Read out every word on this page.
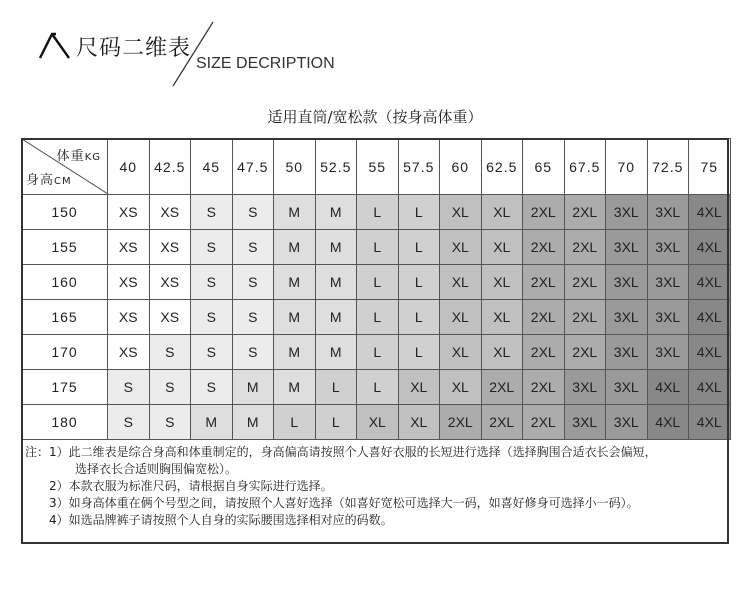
尺码二维表
SIZE DECRIPTION
适用直筒/宽松款（按身高体重）
体重KG
身高CM	40	42.5	45	47.5	50	52.5	55	57.5	60	62.5	65	67.5	70	72.5	75
150	XS	XS	S	S	M	M	L	L	XL	XL	2XL	2XL	3XL	3XL	4XL
155	XS	XS	S	S	M	M	L	L	XL	XL	2XL	2XL	3XL	3XL	4XL
160	XS	XS	S	S	M	M	L	L	XL	XL	2XL	2XL	3XL	3XL	4XL
165	XS	XS	S	S	M	M	L	L	XL	XL	2XL	2XL	3XL	3XL	4XL
170	XS	S	S	S	M	M	L	L	XL	XL	2XL	2XL	3XL	3XL	4XL
175	S	S	S	M	M	L	L	XL	XL	2XL	2XL	3XL	3XL	4XL	4XL
180	S	S	M	M	L	L	XL	XL	2XL	2XL	2XL	3XL	3XL	4XL	4XL
注：1）此二维表是综合身高和体重制定的，身高偏高请按照个人喜好衣服的长短进行选择（选择胸围合适衣长会偏短，
选择衣长合适则胸围偏宽松）。
2）本款衣服为标准尺码，请根据自身实际进行选择。
3）如身高体重在俩个号型之间，请按照个人喜好选择（如喜好宽松可选择大一码，如喜好修身可选择小一码）。
4）如选品牌裤子请按照个人自身的实际腰围选择相对应的码数。
